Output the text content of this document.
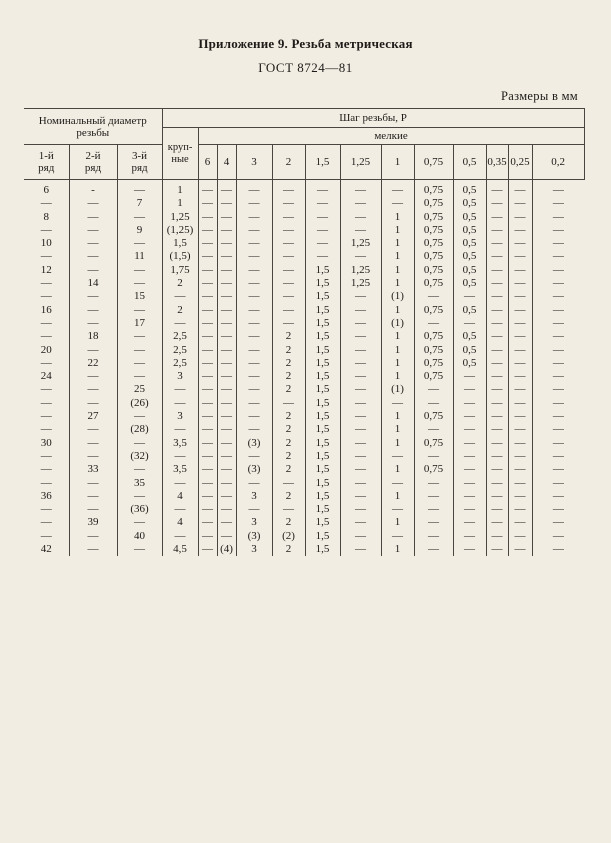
Приложение 9. Резьба метрическая
ГОСТ 8724—81
Размеры в мм
Номинальный диаметр резьбы			Шаг резьбы, P												
			круп-ные	мелкие											
1-й ряд	2-й ряд	3-й ряд		6	4	3	2	1,5	1,25	1	0,75	0,5	0,35	0,25	0,2
6	-	—	1	—	—	—	—	—	—	—	0,75	0,5	—	—	—
—	—	7	1	—	—	—	—	—	—	—	0,75	0,5	—	—	—
8	—	—	1,25	—	—	—	—	—	—	1	0,75	0,5	—	—	—
—	—	9	(1,25)	—	—	—	—	—	—	1	0,75	0,5	—	—	—
10	—	—	1,5	—	—	—	—	—	1,25	1	0,75	0,5	—	—	—
—	—	11	(1,5)	—	—	—	—	—	—	1	0,75	0,5	—	—	—
12	—	—	1,75	—	—	—	—	1,5	1,25	1	0,75	0,5	—	—	—
—	14	—	2	—	—	—	—	1,5	1,25	1	0,75	0,5	—	—	—
—	—	15	—	—	—	—	—	1,5	—	(1)	—	—	—	—	—
16	—	—	2	—	—	—	—	1,5	—	1	0,75	0,5	—	—	—
—	—	17	—	—	—	—	—	1,5	—	(1)	—	—	—	—	—
—	18	—	2,5	—	—	—	2	1,5	—	1	0,75	0,5	—	—	—
20	—	—	2,5	—	—	—	2	1,5	—	1	0,75	0,5	—	—	—
—	22	—	2,5	—	—	—	2	1,5	—	1	0,75	0,5	—	—	—
24	—	—	3	—	—	—	2	1,5	—	1	0,75	—	—	—	—
—	—	25	—	—	—	—	2	1,5	—	(1)	—	—	—	—	—
—	—	(26)	—	—	—	—	—	1,5	—	—	—	—	—	—	—
—	27	—	3	—	—	—	2	1,5	—	1	0,75	—	—	—	—
—	—	(28)	—	—	—	—	2	1,5	—	1	—	—	—	—	—
30	—	—	3,5	—	—	(3)	2	1,5	—	1	0,75	—	—	—	—
—	—	(32)	—	—	—	—	2	1,5	—	—	—	—	—	—	—
—	33	—	3,5	—	—	(3)	2	1,5	—	1	0,75	—	—	—	—
—	—	35	—	—	—	—	—	1,5	—	—	—	—	—	—	—
36	—	—	4	—	—	3	2	1,5	—	1	—	—	—	—	—
—	—	(36)	—	—	—	—	—	1,5	—	—	—	—	—	—	—
—	39	—	4	—	—	3	2	1,5	—	1	—	—	—	—	—
—	—	40	—	—	—	(3)	(2)	1,5	—	—	—	—	—	—	—
42	—	—	4,5	—	(4)	3	2	1,5	—	1	—	—	—	—	—
